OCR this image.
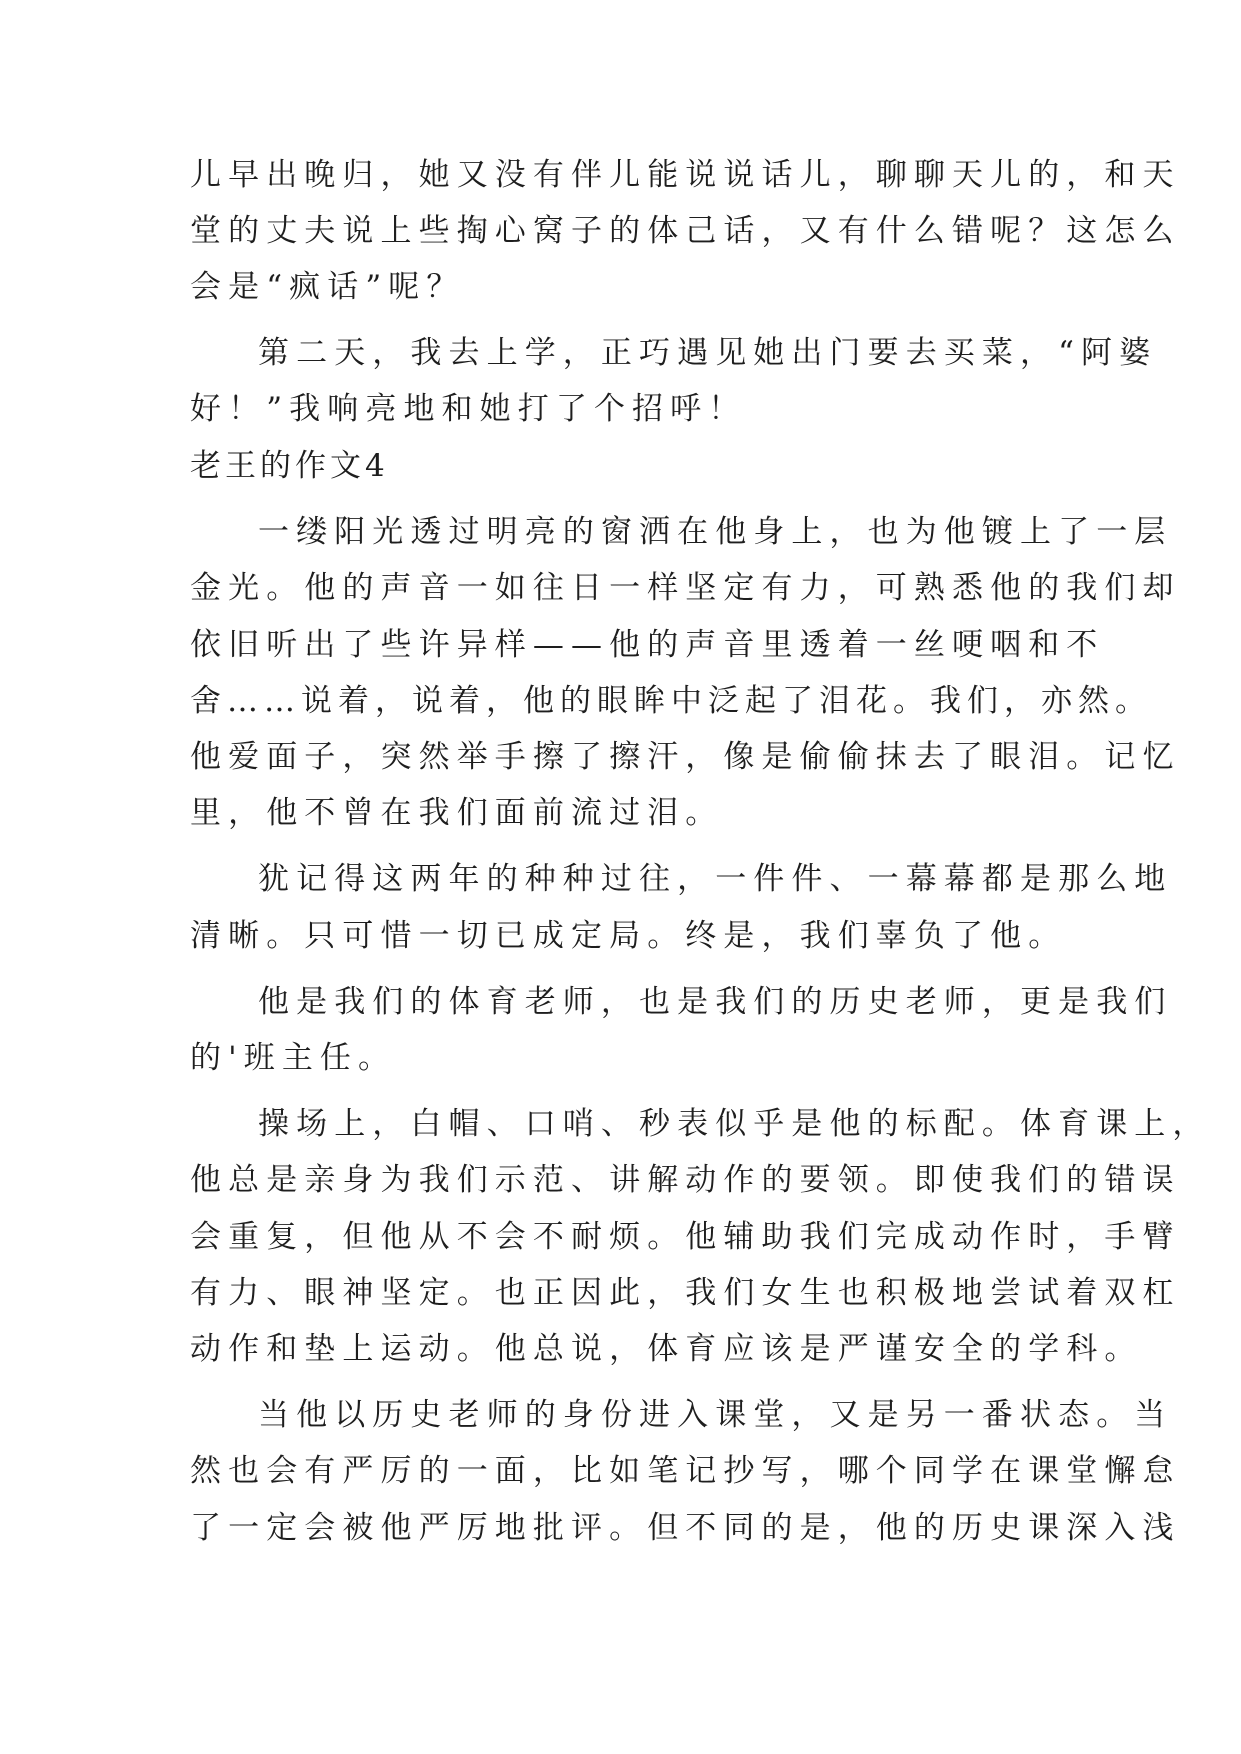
儿早出晚归，她又没有伴儿能说说话儿，聊聊天儿的，和天

堂的丈夫说上些掏心窝子的体己话，又有什么错呢？这怎么

会是“疯话”呢？

第二天，我去上学，正巧遇见她出门要去买菜，“阿婆

好！”我响亮地和她打了个招呼！

老王的作文4

一缕阳光透过明亮的窗洒在他身上，也为他镀上了一层

金光。他的声音一如往日一样坚定有力，可熟悉他的我们却

依旧听出了些许异样——他的声音里透着一丝哽咽和不

舍……说着，说着，他的眼眸中泛起了泪花。我们，亦然。

他爱面子，突然举手擦了擦汗，像是偷偷抹去了眼泪。记忆

里，他不曾在我们面前流过泪。

犹记得这两年的种种过往，一件件、一幕幕都是那么地

清晰。只可惜一切已成定局。终是，我们辜负了他。

他是我们的体育老师，也是我们的历史老师，更是我们

的'班主任。

操场上，白帽、口哨、秒表似乎是他的标配。体育课上，

他总是亲身为我们示范、讲解动作的要领。即使我们的错误

会重复，但他从不会不耐烦。他辅助我们完成动作时，手臂

有力、眼神坚定。也正因此，我们女生也积极地尝试着双杠

动作和垫上运动。他总说，体育应该是严谨安全的学科。

当他以历史老师的身份进入课堂，又是另一番状态。当

然也会有严厉的一面，比如笔记抄写，哪个同学在课堂懈怠

了一定会被他严厉地批评。但不同的是，他的历史课深入浅
